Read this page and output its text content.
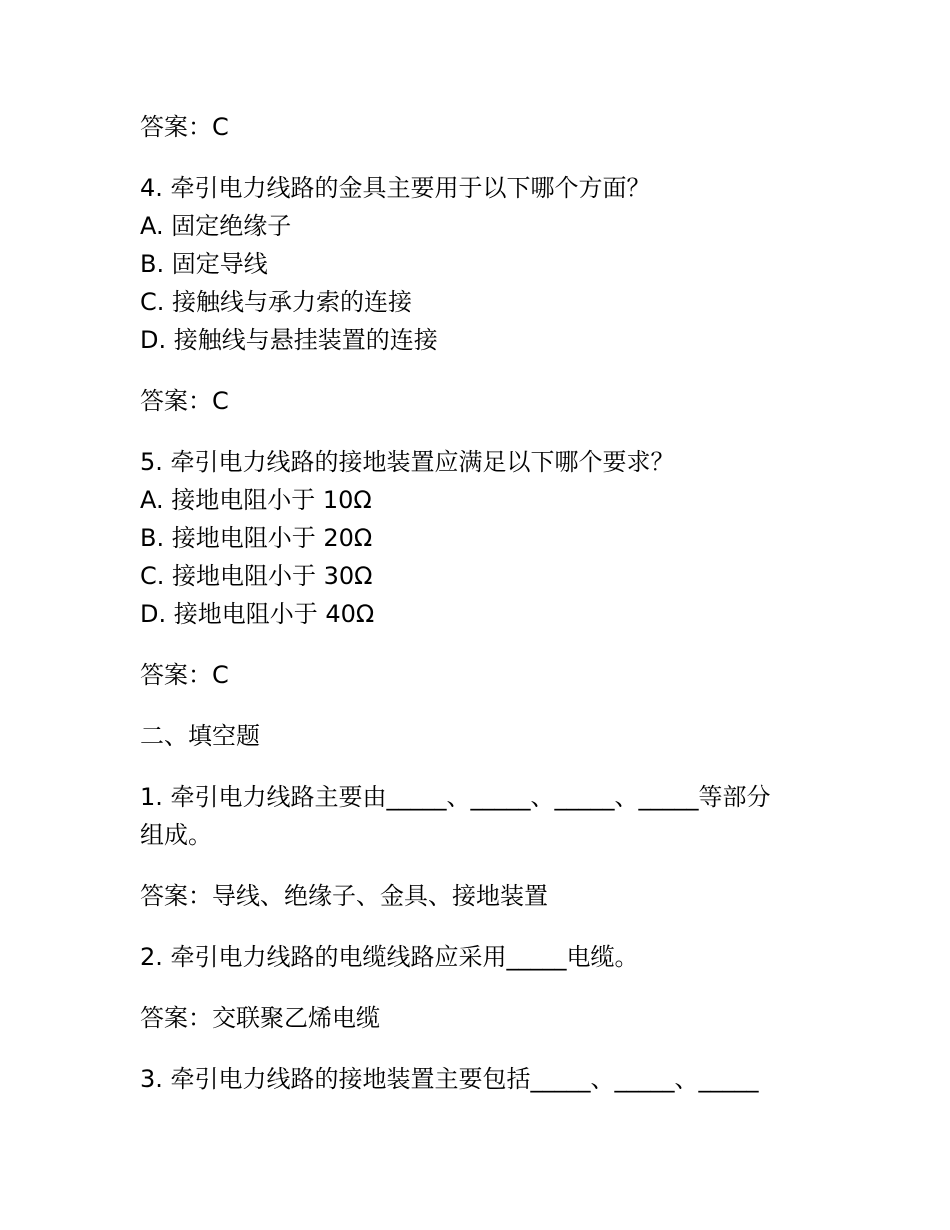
答案：C
4. 牵引电力线路的金具主要用于以下哪个方面？
A. 固定绝缘子
B. 固定导线
C. 接触线与承力索的连接
D. 接触线与悬挂装置的连接
答案：C
5. 牵引电力线路的接地装置应满足以下哪个要求？
A. 接地电阻小于 10Ω
B. 接地电阻小于 20Ω
C. 接地电阻小于 30Ω
D. 接地电阻小于 40Ω
答案：C
二、填空题
1. 牵引电力线路主要由_____、_____、_____、_____等部分
组成。
答案：导线、绝缘子、金具、接地装置
2. 牵引电力线路的电缆线路应采用_____电缆。
答案：交联聚乙烯电缆
3. 牵引电力线路的接地装置主要包括_____、_____、_____
